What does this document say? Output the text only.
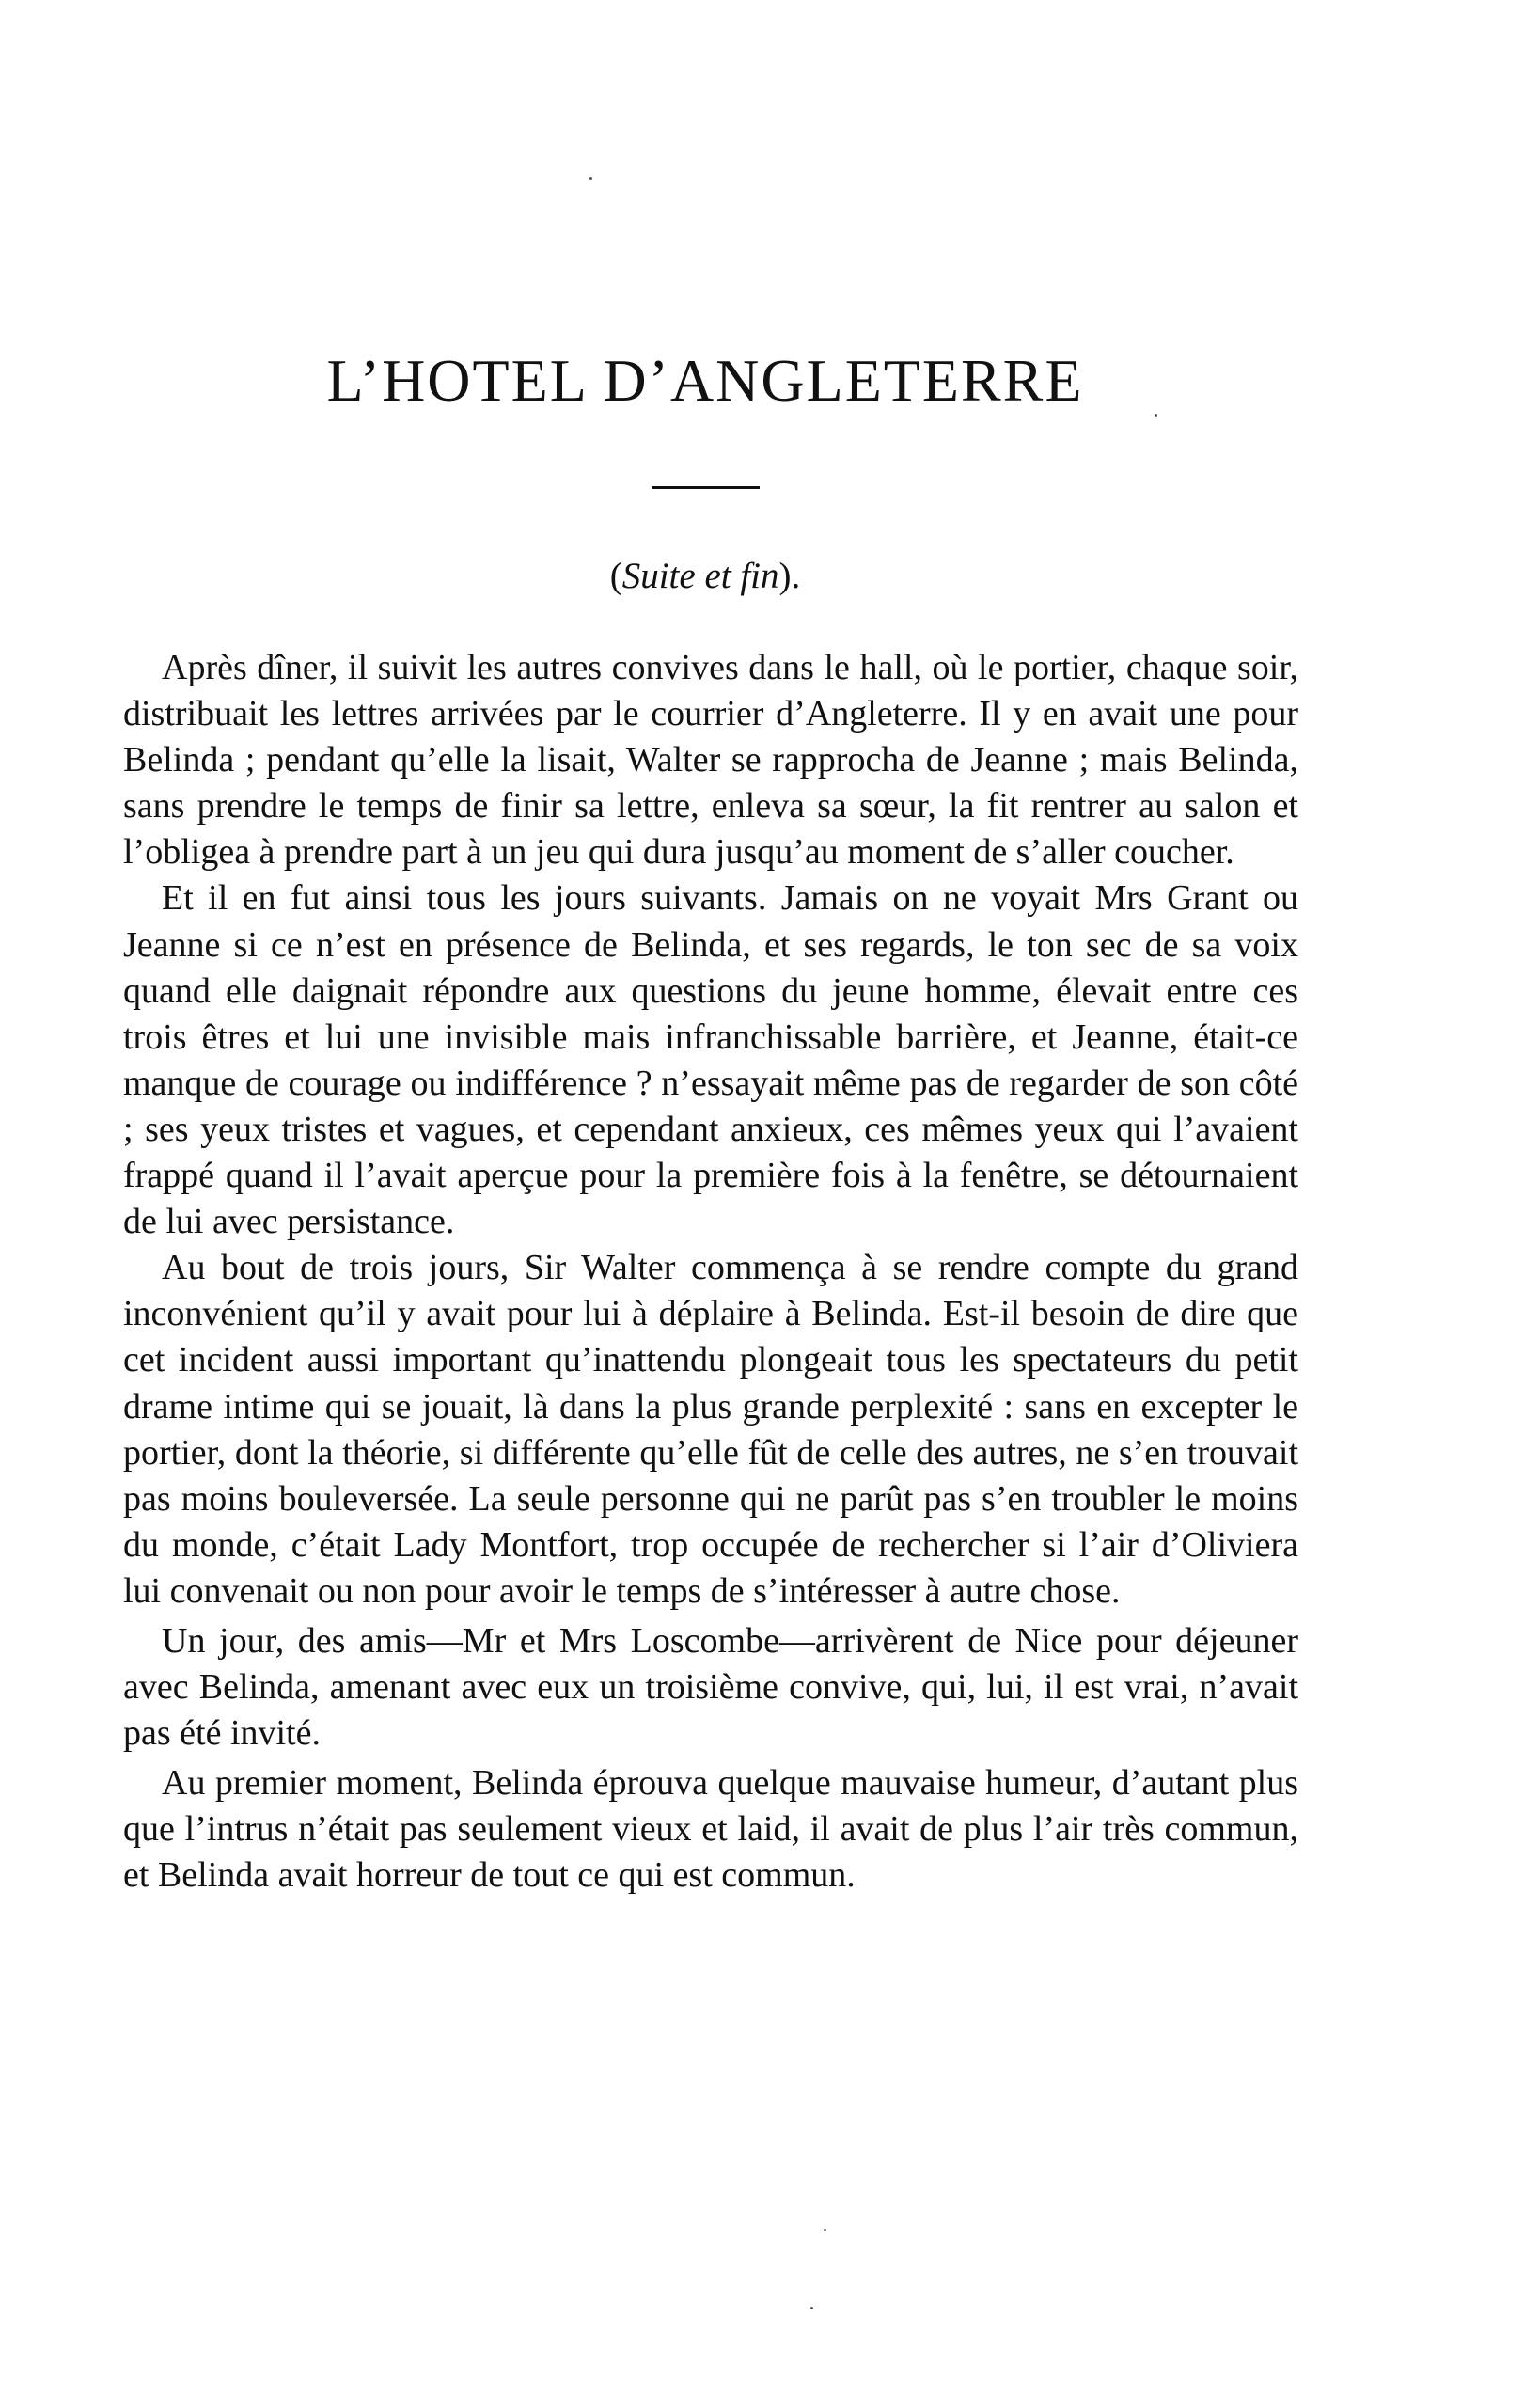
L’HOTEL D’ANGLETERRE

(Suite et fin).

Après dîner, il suivit les autres convives dans le hall, où le portier, chaque soir, distribuait les lettres arrivées par le courrier d’Angleterre. Il y en avait une pour Belinda ; pendant qu’elle la lisait, Walter se rapprocha de Jeanne ; mais Belinda, sans prendre le temps de finir sa lettre, enleva sa sœur, la fit rentrer au salon et l’obligea à prendre part à un jeu qui dura jusqu’au moment de s’aller coucher.

Et il en fut ainsi tous les jours suivants. Jamais on ne voyait Mrs Grant ou Jeanne si ce n’est en présence de Belinda, et ses regards, le ton sec de sa voix quand elle daignait répondre aux questions du jeune homme, élevait entre ces trois êtres et lui une invisible mais infranchissable barrière, et Jeanne, était-ce manque de courage ou indifférence ? n’essayait même pas de regarder de son côté ; ses yeux tristes et vagues, et cependant anxieux, ces mêmes yeux qui l’avaient frappé quand il l’avait aperçue pour la première fois à la fenêtre, se détournaient de lui avec persistance.

Au bout de trois jours, Sir Walter commença à se rendre compte du grand inconvénient qu’il y avait pour lui à déplaire à Belinda. Est-il besoin de dire que cet incident aussi important qu’inattendu plongeait tous les spectateurs du petit drame intime qui se jouait, là dans la plus grande perplexité : sans en excepter le portier, dont la théorie, si différente qu’elle fût de celle des autres, ne s’en trouvait pas moins bouleversée. La seule personne qui ne parût pas s’en troubler le moins du monde, c’était Lady Montfort, trop occupée de rechercher si l’air d’Oliviera lui convenait ou non pour avoir le temps de s’intéresser à autre chose.

Un jour, des amis—Mr et Mrs Loscombe—arrivèrent de Nice pour déjeuner avec Belinda, amenant avec eux un troisième convive, qui, lui, il est vrai, n’avait pas été invité.

Au premier moment, Belinda éprouva quelque mauvaise humeur, d’autant plus que l’intrus n’était pas seulement vieux et laid, il avait de plus l’air très commun, et Belinda avait horreur de tout ce qui est commun.
